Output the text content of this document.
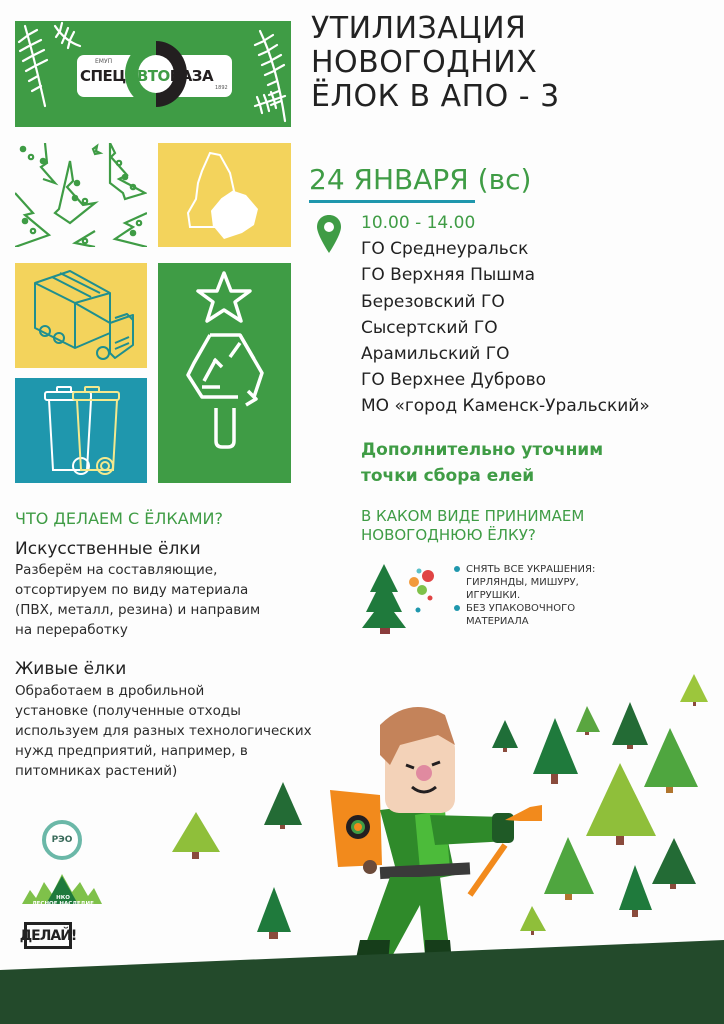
ЕМУП
СПЕЦАВТОБАЗА
1892
УТИЛИЗАЦИЯ
НОВОГОДНИХ
ЁЛОК В АПО - 3
24 ЯНВАРЯ (вс)
10.00 - 14.00
ГО Среднеуральск
ГО Верхняя Пышма
Березовский ГО
Сысертский ГО
Арамильский ГО
ГО Верхнее Дуброво
МО «город Каменск-Уральский»
Дополнительно уточним
точки сбора елей
В КАКОМ ВИДЕ ПРИНИМАЕМ
НОВОГОДНЮЮ ЁЛКУ?
СНЯТЬ ВСЕ УКРАШЕНИЯ:
ГИРЛЯНДЫ, МИШУРУ,
ИГРУШКИ.
БЕЗ УПАКОВОЧНОГО
МАТЕРИАЛА
ЧТО ДЕЛАЕМ С ЁЛКАМИ?
Искусственные ёлки
Разберём на составляющие,
отсортируем по виду материала
(ПВХ, металл, резина) и направим
на переработку
Живые ёлки
Обработаем в дробильной
установке (полученные отходы
используем для разных технологических
нужд предприятий, например, в
питомниках растений)
РЭО
НКО
ЛЕСНОЕ НАСЛЕДИЕ
ДЕЛАЙ!
